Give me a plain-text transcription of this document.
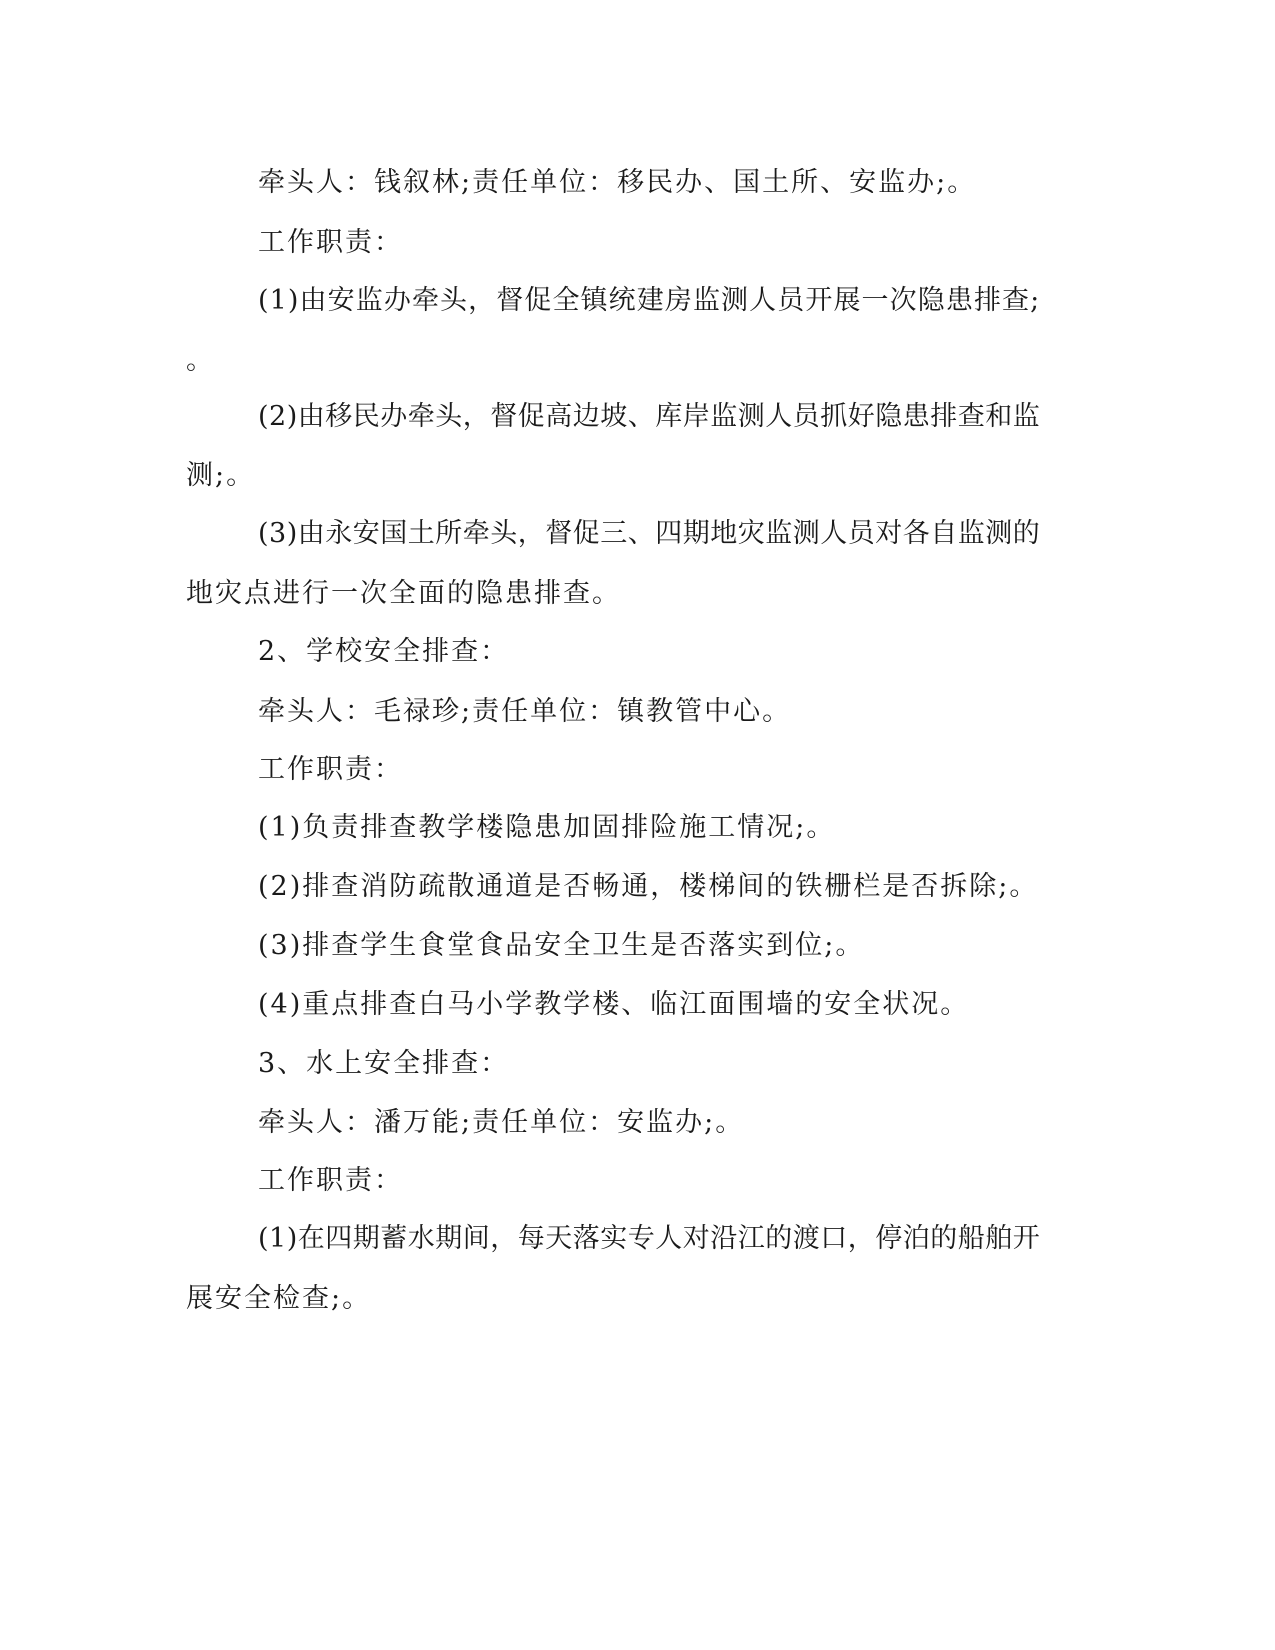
牵头人：钱叙林;责任单位：移民办、国土所、安监办;。
工作职责：
(1)由安监办牵头，督促全镇统建房监测人员开展一次隐患排查;
。
(2)由移民办牵头，督促高边坡、库岸监测人员抓好隐患排查和监
测;。
(3)由永安国土所牵头，督促三、四期地灾监测人员对各自监测的
地灾点进行一次全面的隐患排查。
2、学校安全排查：
牵头人：毛禄珍;责任单位：镇教管中心。
工作职责：
(1)负责排查教学楼隐患加固排险施工情况;。
(2)排查消防疏散通道是否畅通，楼梯间的铁栅栏是否拆除;。
(3)排查学生食堂食品安全卫生是否落实到位;。
(4)重点排查白马小学教学楼、临江面围墙的安全状况。
3、水上安全排查：
牵头人：潘万能;责任单位：安监办;。
工作职责：
(1)在四期蓄水期间，每天落实专人对沿江的渡口，停泊的船舶开
展安全检查;。
